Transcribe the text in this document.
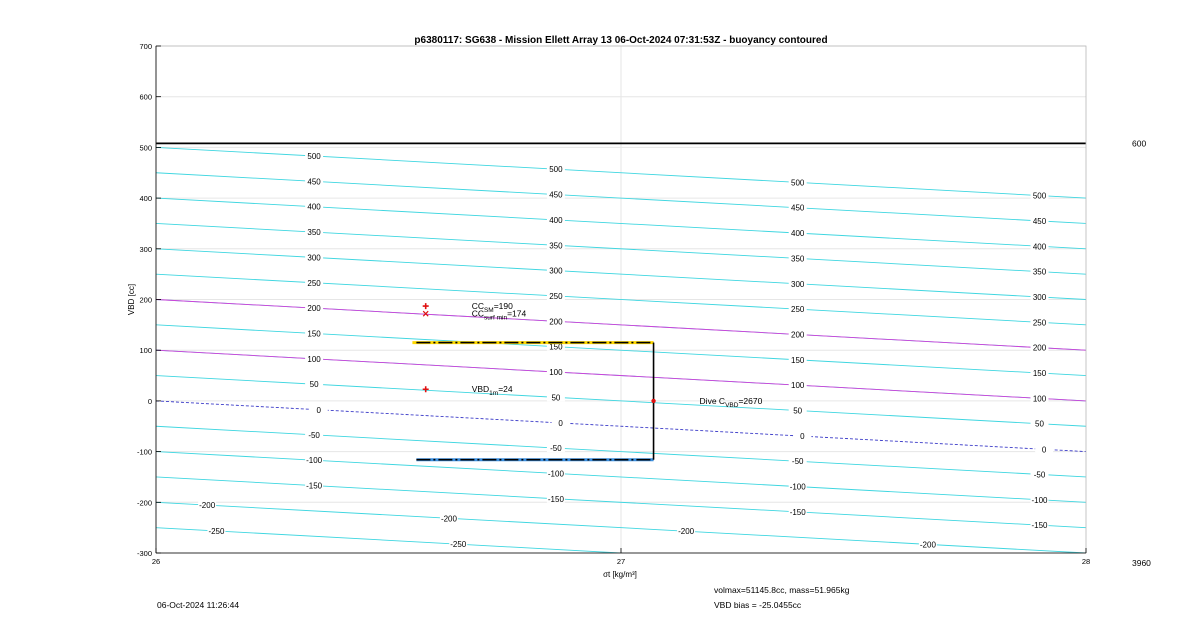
500
450
400
350
300
250
200
150
100
50
0
-50
-100
-150
-200
-250
500
450
400
350
300
250
200
150
100
50
0
-50
-100
-150
-200
-250
-200
500
450
400
350
300
250
200
150
100
50
0
-50
-100
-150
-200
500
450
400
350
300
250
200
150
100
50
0
-50
-100
-150
600
3960
$CC_{SM}=190$
$CC_{surf min}=174$
$VBD_{1m}=24$
Dive $C_{VBD}=2670$
26	27	28
-300
-200
-100
0
100
200
300
400
500
600
700
p6380117: SG638 - Mission Ellett Array 13 06-Oct-2024 07:31:53Z - buoyancy contoured
VBD [cc]
σt [kg/m³]
06-Oct-2024 11:26:44
volmax=51145.8cc, mass=51.965kg
VBD bias = -25.0455cc
